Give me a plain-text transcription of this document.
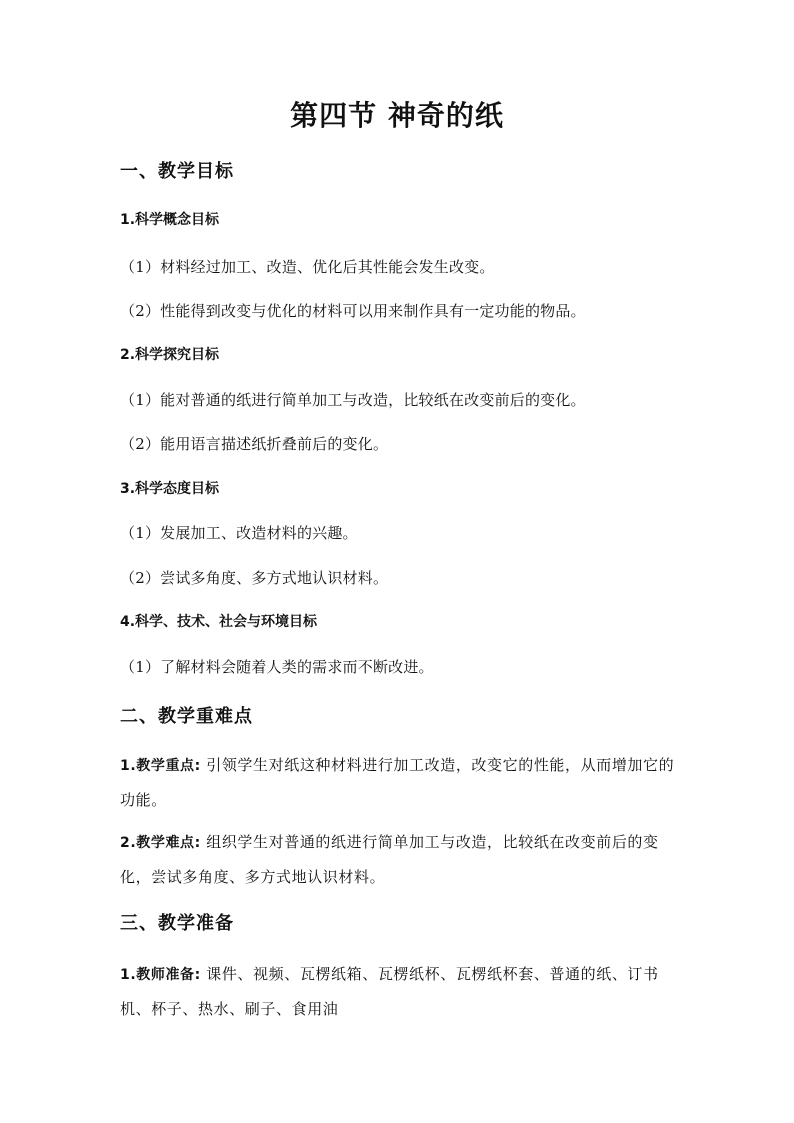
第四节 神奇的纸
一、教学目标
1.科学概念目标
（1）材料经过加工、改造、优化后其性能会发生改变。
（2）性能得到改变与优化的材料可以用来制作具有一定功能的物品。
2.科学探究目标
（1）能对普通的纸进行简单加工与改造，比较纸在改变前后的变化。
（2）能用语言描述纸折叠前后的变化。
3.科学态度目标
（1）发展加工、改造材料的兴趣。
（2）尝试多角度、多方式地认识材料。
4.科学、技术、社会与环境目标
（1）了解材料会随着人类的需求而不断改进。
二、教学重难点
1.教学重点: 引领学生对纸这种材料进行加工改造，改变它的性能，从而增加它的功能。
2.教学难点: 组织学生对普通的纸进行简单加工与改造，比较纸在改变前后的变化，尝试多角度、多方式地认识材料。
三、教学准备
1.教师准备: 课件、视频、瓦楞纸箱、瓦楞纸杯、瓦楞纸杯套、普通的纸、订书机、杯子、热水、刷子、食用油
